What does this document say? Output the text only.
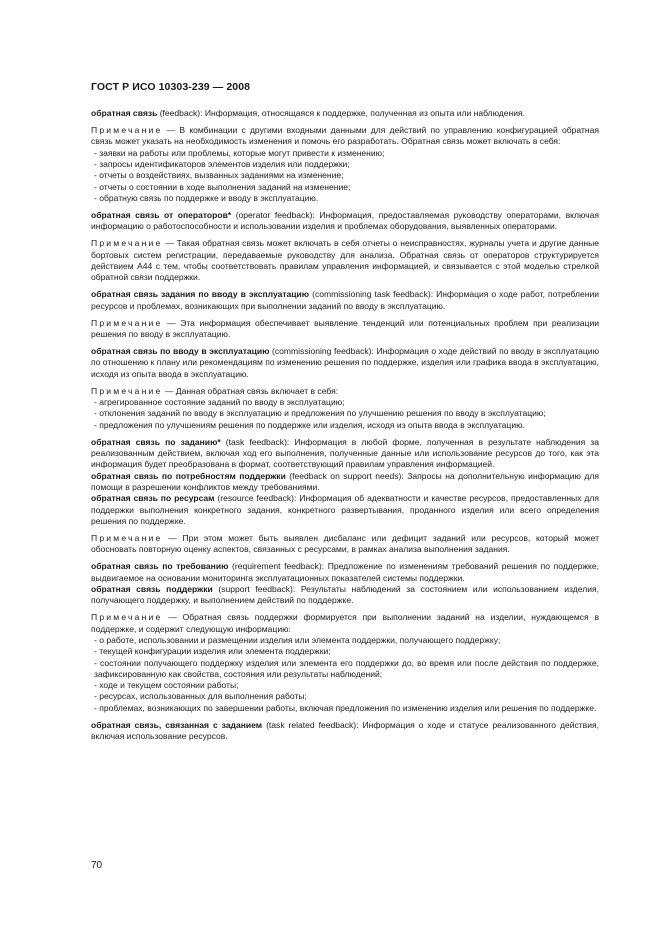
ГОСТ Р ИСО 10303-239 — 2008

обратная связь (feedback): Информация, относящаяся к поддержке, полученная из опыта или наблюдения.

Примечание — В комбинации с другими входными данными для действий по управлению конфигурацией обратная связь может указать на необходимость изменения и помочь его разработать. Обратная связь может включать в себя:

- заявки на работы или проблемы, которые могут привести к изменению;

- запросы идентификаторов элементов изделия или поддержки;

- отчеты о воздействиях, вызванных заданиями на изменение;

- отчеты о состоянии в ходе выполнения заданий на изменение;

- обратную связь по поддержке и вводу в эксплуатацию.

обратная связь от операторов* (operator feedback): Информация, предоставляемая руководству операторами, включая информацию о работоспособности и использовании изделия и проблемах оборудования, выявленных операторами.

Примечание — Такая обратная связь может включать в себя отчеты о неисправностях, журналы учета и другие данные бортовых систем регистрации, передаваемые руководству для анализа. Обратная связь от операторов структурируется действием А44 с тем, чтобы соответствовать правилам управления информацией, и связывается с этой моделью стрелкой обратной связи поддержки.

обратная связь задания по вводу в эксплуатацию (commissioning task feedback): Информация о ходе работ, потреблении ресурсов и проблемах, возникающих при выполнении заданий по вводу в эксплуатацию.

Примечание — Эта информация обеспечивает выявление тенденций или потенциальных проблем при реализации решения по вводу в эксплуатацию.

обратная связь по вводу в эксплуатацию (commissioning feedback): Информация о ходе действий по вводу в эксплуатацию по отношению к плану или рекомендациям по изменению решения по поддержке, изделия или графика ввода в эксплуатацию, исходя из опыта ввода в эксплуатацию.

Примечание — Данная обратная связь включает в себя:

- агрегированное состояние заданий по вводу в эксплуатацию;

- отклонения заданий по вводу в эксплуатацию и предложения по улучшению решения по вводу в эксплуатацию;

- предложения по улучшениям решения по поддержке или изделия, исходя из опыта ввода в эксплуатацию.

обратная связь по заданию* (task feedback): Информация в любой форме, полученная в результате наблюдения за реализованным действием, включая ход его выполнения, полученные данные или использование ресурсов до того, как эта информация будет преобразована в формат, соответствующий правилам управления информацией.

обратная связь по потребностям поддержки (feedback on support needs): Запросы на дополнительную информацию для помощи в разрешении конфликтов между требованиями.

обратная связь по ресурсам (resource feedback): Информация об адекватности и качестве ресурсов, предоставленных для поддержки выполнения конкретного задания, конкретного развертывания, проданного изделия или всего определения решения по поддержке.

Примечание — При этом может быть выявлен дисбаланс или дефицит заданий или ресурсов, который может обосновать повторную оценку аспектов, связанных с ресурсами, в рамках анализа выполнения задания.

обратная связь по требованию (requirement feedback): Предложение по изменениям требований решения по поддержке, выдвигаемое на основании мониторинга эксплуатационных показателей системы поддержки.

обратная связь поддержки (support feedback): Результаты наблюдений за состоянием или использованием изделия, получающего поддержку, и выполнением действий по поддержке.

Примечание — Обратная связь поддержки формируется при выполнении заданий на изделии, нуждающемся в поддержке, и содержит следующую информацию:

- о работе, использовании и размещении изделия или элемента поддержки, получающего поддержку;

- текущей конфигурации изделия или элемента поддержки;

- состоянии получающего поддержку изделия или элемента его поддержки до, во время или после действия по поддержке, зафиксированную как свойства, состояния или результаты наблюдений;

- ходе и текущем состоянии работы;

- ресурсах, использованных для выполнения работы;

- проблемах, возникающих по завершении работы, включая предложения по изменению изделия или решения по поддержке.

обратная связь, связанная с заданием (task related feedback): Информация о ходе и статусе реализованного действия, включая использование ресурсов.

70
